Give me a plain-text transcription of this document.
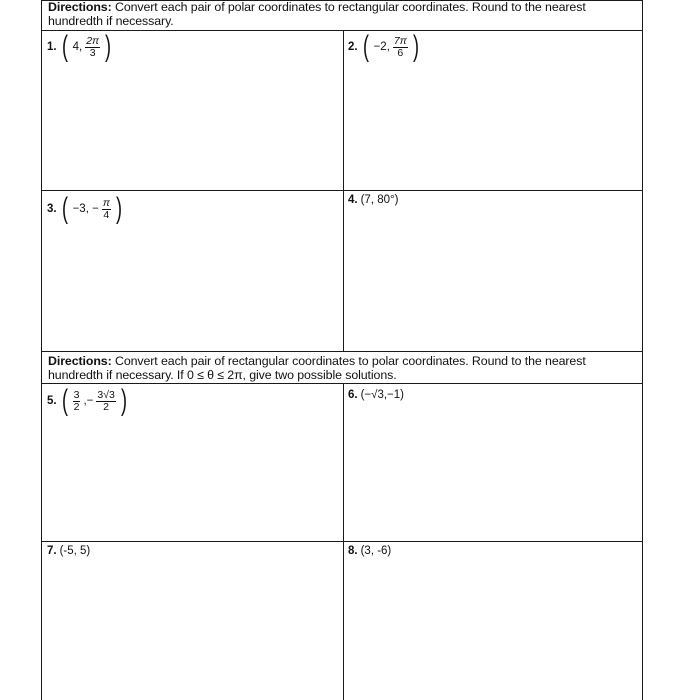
Directions: Convert each pair of polar coordinates to rectangular coordinates. Round to the nearest hundredth if necessary.
1. ( 4, $\frac{2\pi}{3}$ )	2. ( −2, $\frac{7\pi}{6}$ )
3. ( −3, − $\frac{\pi}{4}$ )	4. (7, 80°)
Directions: Convert each pair of rectangular coordinates to polar coordinates. Round to the nearest hundredth if necessary. If 0 ≤ θ ≤ 2π, give two possible solutions.
5. ( $\frac{3}{2}$ ,− $\frac{3√3}{2}$ )	6. (−√3,−1)
7. (-5, 5)	8. (3, -6)
